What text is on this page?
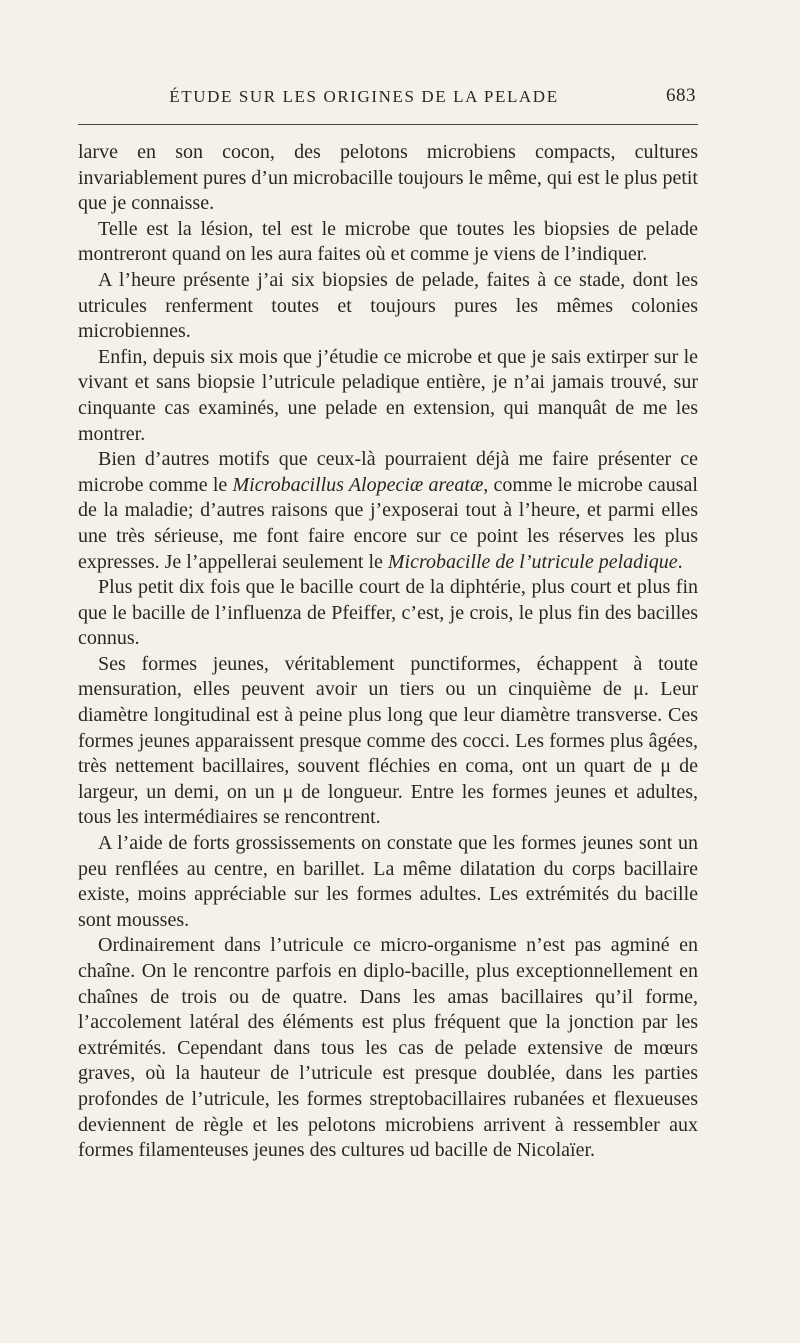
ÉTUDE SUR LES ORIGINES DE LA PELADE	683

larve en son cocon, des pelotons microbiens compacts, cultures invariablement pures d’un microbacille toujours le même, qui est le plus petit que je connaisse.

Telle est la lésion, tel est le microbe que toutes les biopsies de pelade montreront quand on les aura faites où et comme je viens de l’indiquer.

A l’heure présente j’ai six biopsies de pelade, faites à ce stade, dont les utricules renferment toutes et toujours pures les mêmes colonies microbiennes.

Enfin, depuis six mois que j’étudie ce microbe et que je sais extirper sur le vivant et sans biopsie l’utricule peladique entière, je n’ai jamais trouvé, sur cinquante cas examinés, une pelade en extension, qui manquât de me les montrer.

Bien d’autres motifs que ceux-là pourraient déjà me faire présenter ce microbe comme le Microbacillus Alopeciæ areatæ, comme le microbe causal de la maladie; d’autres raisons que j’exposerai tout à l’heure, et parmi elles une très sérieuse, me font faire encore sur ce point les réserves les plus expresses. Je l’appellerai seulement le Microbacille de l’utricule peladique.

Plus petit dix fois que le bacille court de la diphtérie, plus court et plus fin que le bacille de l’influenza de Pfeiffer, c’est, je crois, le plus fin des bacilles connus.

Ses formes jeunes, véritablement punctiformes, échappent à toute mensuration, elles peuvent avoir un tiers ou un cinquième de μ. Leur diamètre longitudinal est à peine plus long que leur diamètre transverse. Ces formes jeunes apparaissent presque comme des cocci. Les formes plus âgées, très nettement bacillaires, souvent fléchies en coma, ont un quart de μ de largeur, un demi, on un μ de longueur. Entre les formes jeunes et adultes, tous les intermédiaires se rencontrent.

A l’aide de forts grossissements on constate que les formes jeunes sont un peu renflées au centre, en barillet. La même dilatation du corps bacillaire existe, moins appréciable sur les formes adultes. Les extrémités du bacille sont mousses.

Ordinairement dans l’utricule ce micro-organisme n’est pas agminé en chaîne. On le rencontre parfois en diplo-bacille, plus exceptionnellement en chaînes de trois ou de quatre. Dans les amas bacillaires qu’il forme, l’accolement latéral des éléments est plus fréquent que la jonction par les extrémités. Cependant dans tous les cas de pelade extensive de mœurs graves, où la hauteur de l’utricule est presque doublée, dans les parties profondes de l’utricule, les formes streptobacillaires rubanées et flexueuses deviennent de règle et les pelotons microbiens arrivent à ressembler aux formes filamenteuses jeunes des cultures ud bacille de Nicolaïer.
